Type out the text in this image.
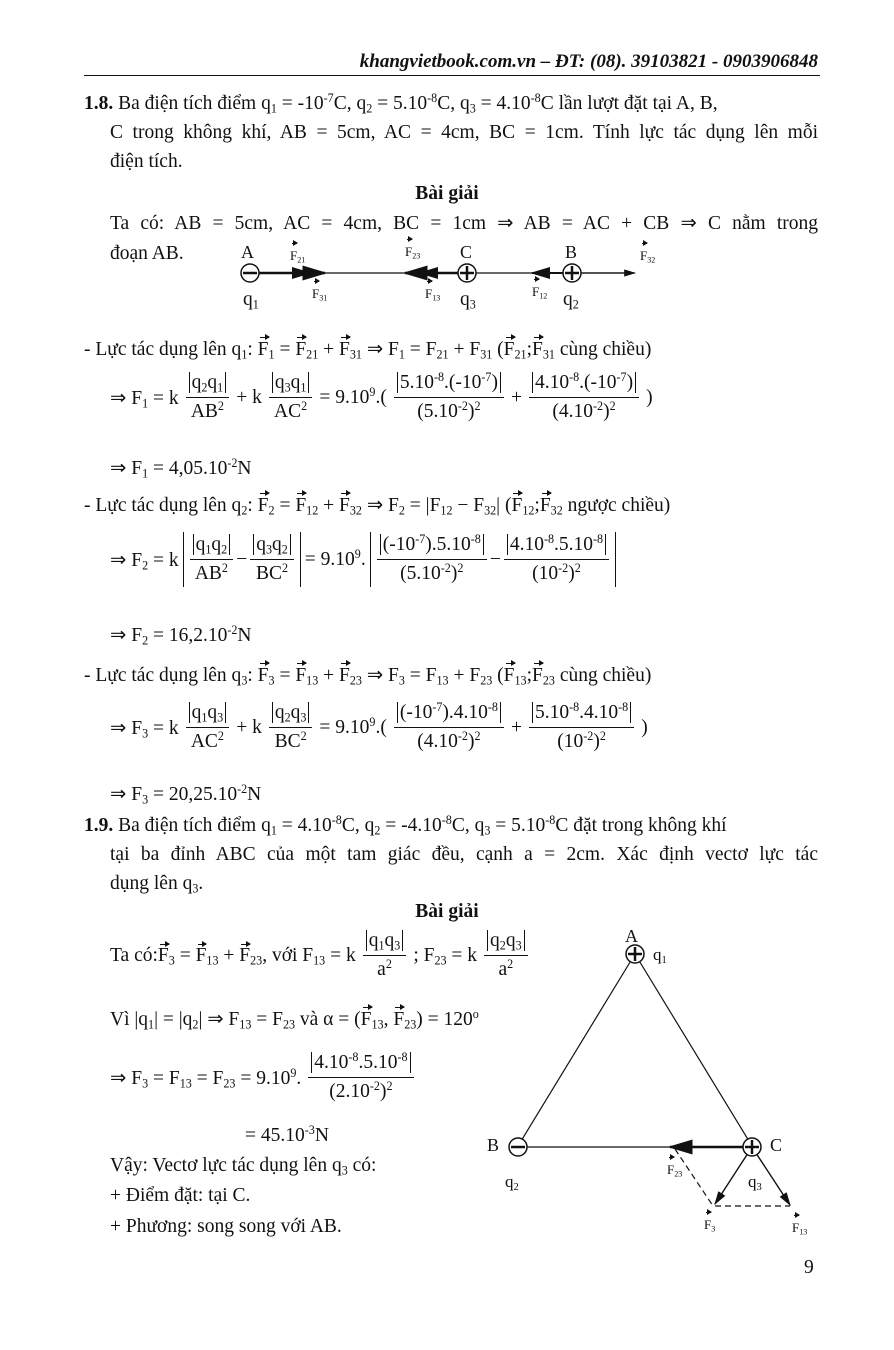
khangvietbook.com.vn – ĐT: (08). 39103821 - 0903906848
1.8. Ba điện tích điểm $q_1 = -10^{-7}C$, $q_2 = 5.10^{-8}C$, $q_3 = 4.10^{-8}C$ lần lượt đặt tại A, B,
C trong không khí, AB = 5cm, AC = 4cm, BC = 1cm. Tính lực tác dụng lên mỗi
điện tích.
Bài giải
Ta có: AB = 5cm, AC = 4cm, BC = 1cm ⇒ AB = AC + CB ⇒ C nằm trong
đoạn AB.	A	C	B
$q_1$	$q_3$	$q_2$
$F_{21}$
$F_{31}$
$F_{23}$
$F_{13}$	$F_{12}$
$F_{32}$
- Lực tác dụng lên $q_1$: $F_1 = F_{21} + F_{31}$ ⇒ $F_1 = F_{21} + F_{31}$ ($F_{21};F_{31}$ cùng chiều)
⇒ $F_1 = k \frac{q_2q_1}{AB^2} + k \frac{q_3q_1}{AC^2} = 9.10^9.( \frac{5.10^{-8}.(-10^{-7})}{(5.10^{-2})^2} + \frac{4.10^{-8}.(-10^{-7})}{(4.10^{-2})^2}$ )
⇒ $F_1 = 4,05.10^{-2}N$
- Lực tác dụng lên $q_2$: $F_2 = F_{12} + F_{32}$ ⇒ $F_2 = |F_{12} - F_{32}|$ ($F_{12};F_{32}$ ngược chiều)
⇒ $F_2 = k \frac{q_1q_2}{AB^2} - \frac{q_3q_2}{BC^2} = 9.10^9$. $\frac{(-10^{-7}).5.10^{-8}}{(5.10^{-2})^2} - \frac{4.10^{-8}.5.10^{-8}}{(10^{-2})^2}$
⇒ $F_2 = 16,2.10^{-2}N$
- Lực tác dụng lên $q_3$: $F_3 = F_{13} + F_{23}$ ⇒ $F_3 = F_{13} + F_{23}$ ($F_{13};F_{23}$ cùng chiều)
⇒ $F_3 = k \frac{q_1q_3}{AC^2} + k \frac{q_2q_3}{BC^2} = 9.10^9.( \frac{(-10^{-7}).4.10^{-8}}{(4.10^{-2})^2} + \frac{5.10^{-8}.4.10^{-8}}{(10^{-2})^2}$ )
⇒ $F_3 = 20,25.10^{-2}N$
1.9. Ba điện tích điểm $q_1 = 4.10^{-8}C$, $q_2 = -4.10^{-8}C$, $q_3 = 5.10^{-8}C$ đặt trong không khí
tại ba đỉnh ABC của một tam giác đều, cạnh a = 2cm. Xác định vectơ lực tác
dụng lên $q_3$.
Bài giải
Ta $có:F_3 = F_{13} + F_{23}$, với $F_{13} = k \frac{q_1q_3}{a^2}$ ; $F_{23} = k \frac{q_2q_3}{a^2}$
Vì $|q_1| = |q_2|$ ⇒ $F_{13} = F_{23}$ và $\alpha = (F_{13}$, $F_{23}) = 120^o$
⇒ $F_3 = F_{13} = F_{23} = 9.10^9$. $\frac{4.10^{-8}.5.10^{-8}}{(2.10^{-2})^2}$
= $45.10^{-3}N$
Vậy: Vectơ lực tác dụng lên $q_3$ có:
+ Điểm đặt: tại C.
+ Phương: song song với AB.
A
$q_1$
B	C
$q_2$	$q_3$
$F_{23}$
$F_3$	$F_{13}$
9
